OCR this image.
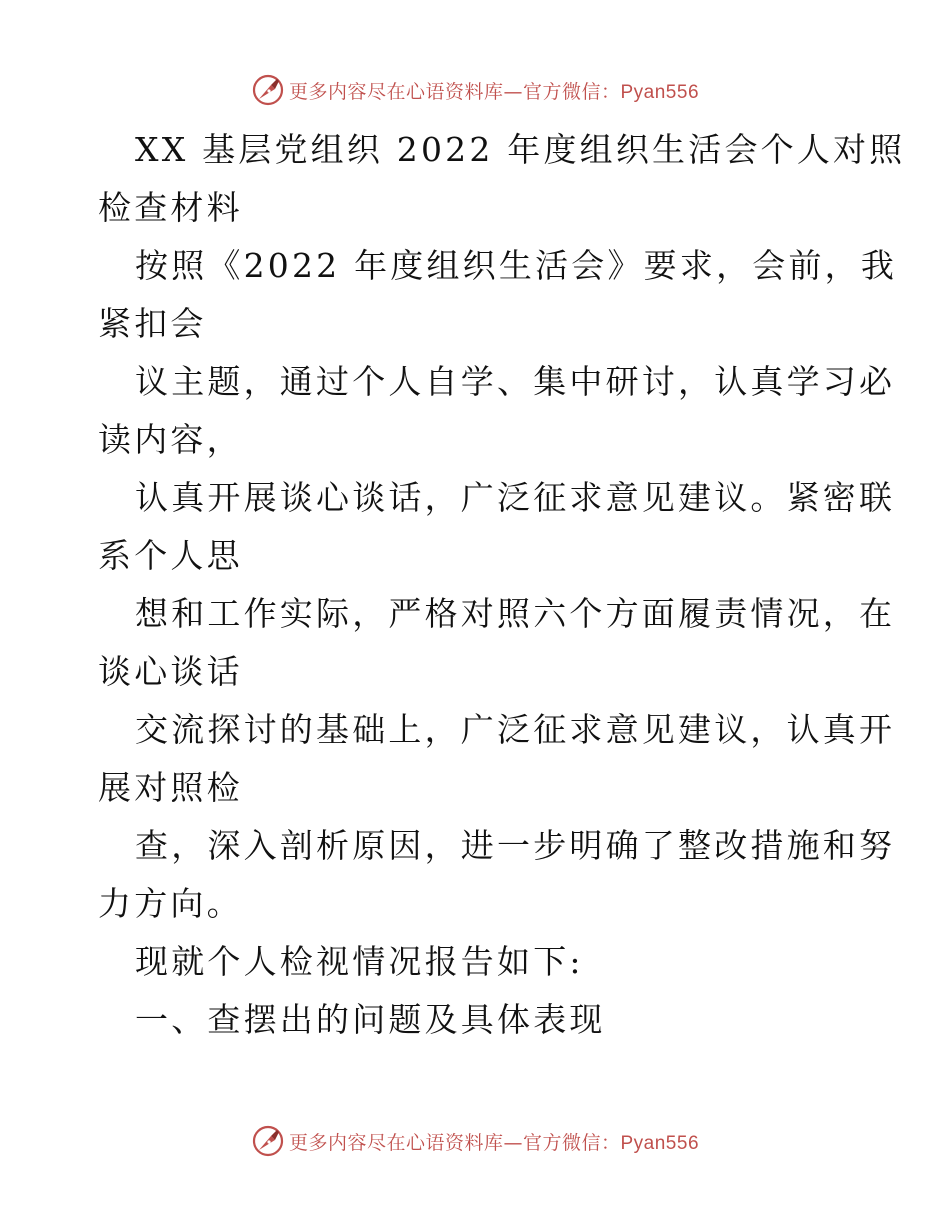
更多内容尽在心语资料库—官方微信：Pyan556
XX 基层党组织 2022 年度组织生活会个人对照
检查材料
按照《2022 年度组织生活会》要求，会前，我
紧扣会
议主题，通过个人自学、集中研讨，认真学习必
读内容，
认真开展谈心谈话，广泛征求意见建议。紧密联
系个人思
想和工作实际，严格对照六个方面履责情况，在
谈心谈话
交流探讨的基础上，广泛征求意见建议，认真开
展对照检
查，深入剖析原因，进一步明确了整改措施和努
力方向。
现就个人检视情况报告如下:
一、查摆出的问题及具体表现
更多内容尽在心语资料库—官方微信：Pyan556
